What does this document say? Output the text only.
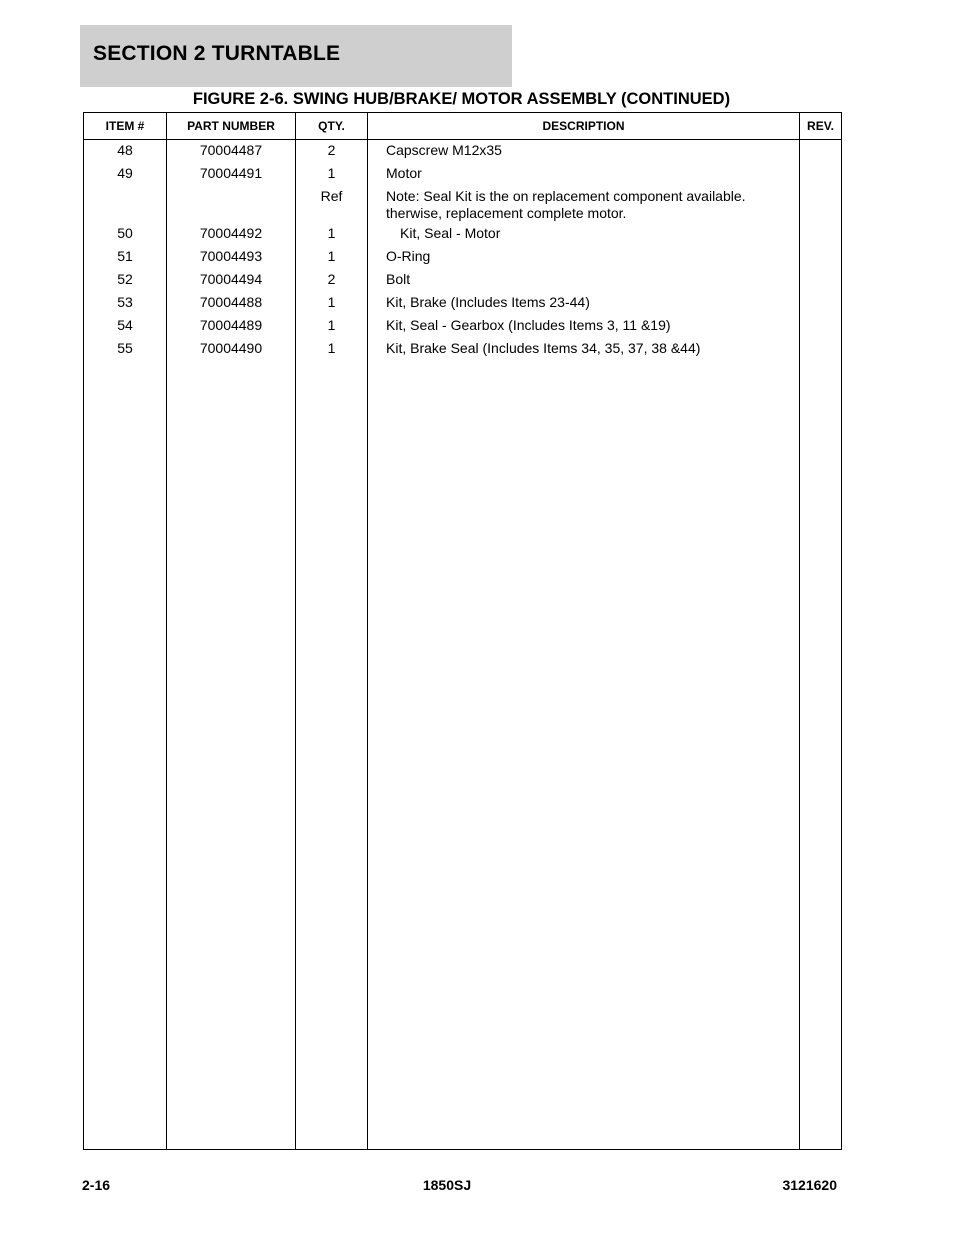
SECTION 2 TURNTABLE
FIGURE 2-6. SWING HUB/BRAKE/ MOTOR ASSEMBLY (CONTINUED)
ITEM #	PART NUMBER	QTY.	DESCRIPTION	REV.
48	70004487	2	Capscrew M12x35	
49	70004491	1	Motor	
		Ref	Note: Seal Kit is the on replacement component available.
therwise, replacement complete motor.	

50	70004492	1	Kit, Seal - Motor	
51	70004493	1	O-Ring	
52	70004494	2	Bolt	
53	70004488	1	Kit, Brake (Includes Items 23-44)	
54	70004489	1	Kit, Seal - Gearbox (Includes Items 3, 11 &19)	
55	70004490	1	Kit, Brake Seal (Includes Items 34, 35, 37, 38 &44)	

2-16	1850SJ	3121620
